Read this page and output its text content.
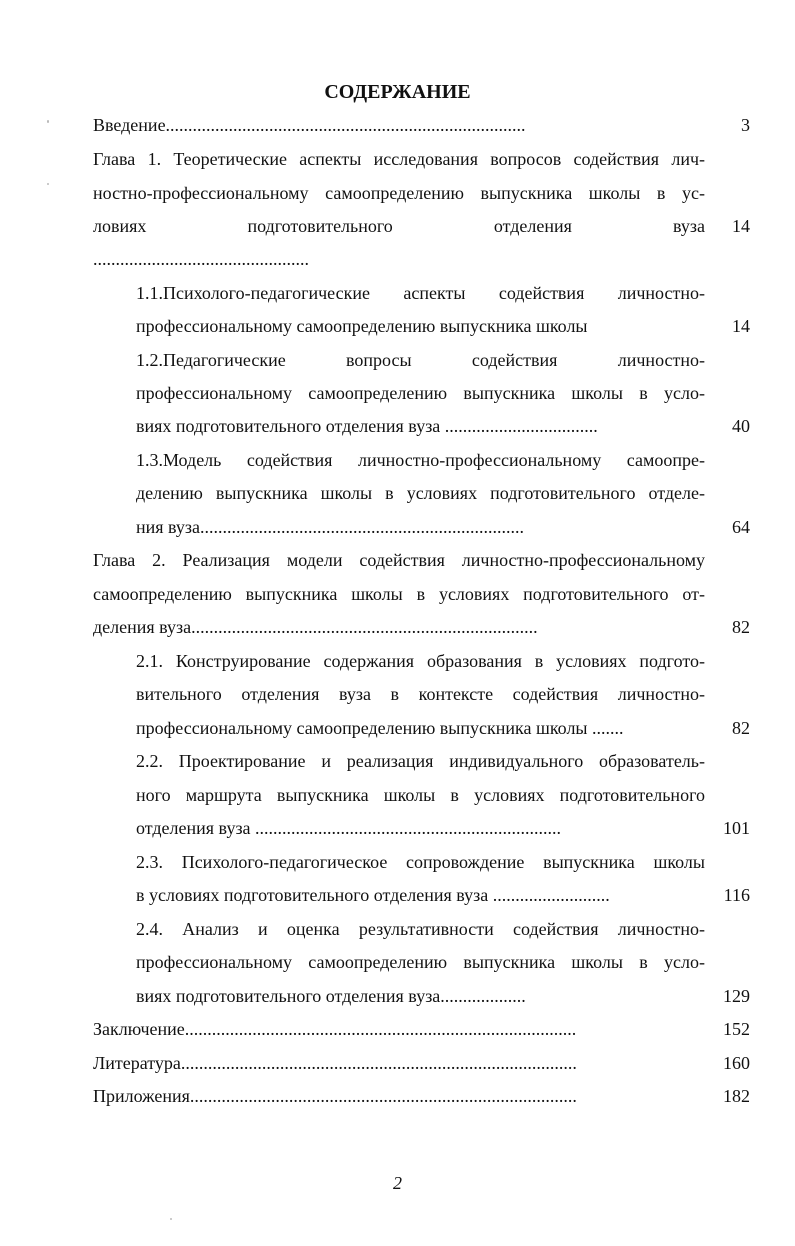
СОДЕРЖАНИЕ
Введение................................................................................	3
Глава 1. Теоретические аспекты исследования вопросов содействия лич-
ностно-профессиональному самоопределению выпускника школы в ус-
ловиях подготовительного отделения вуза	14
................................................
1.1.Психолого-педагогические аспекты содействия личностно-
профессиональному самоопределению выпускника школы	14
1.2.Педагогические вопросы содействия личностно-
профессиональному самоопределению выпускника школы в усло-
виях подготовительного отделения вуза ..................................	40
1.3.Модель содействия личностно-профессиональному самоопре-
делению выпускника школы в условиях подготовительного отделе-
ния вуза........................................................................	64
Глава 2. Реализация модели содействия личностно-профессиональному
самоопределению выпускника школы в условиях подготовительного от-
деления вуза.............................................................................	82
2.1. Конструирование содержания образования в условиях подгото-
вительного отделения вуза в контексте содействия личностно-
профессиональному самоопределению выпускника школы .......	82
2.2. Проектирование и реализация индивидуального образователь-
ного маршрута выпускника школы в условиях подготовительного
отделения вуза ....................................................................	101
2.3. Психолого-педагогическое сопровождение выпускника школы
в условиях подготовительного отделения вуза ..........................	116
2.4. Анализ и оценка результативности содействия личностно-
профессиональному самоопределению выпускника школы в усло-
виях подготовительного отделения вуза...................	129
Заключение.......................................................................................	152
Литература........................................................................................	160
Приложения......................................................................................	182
2
